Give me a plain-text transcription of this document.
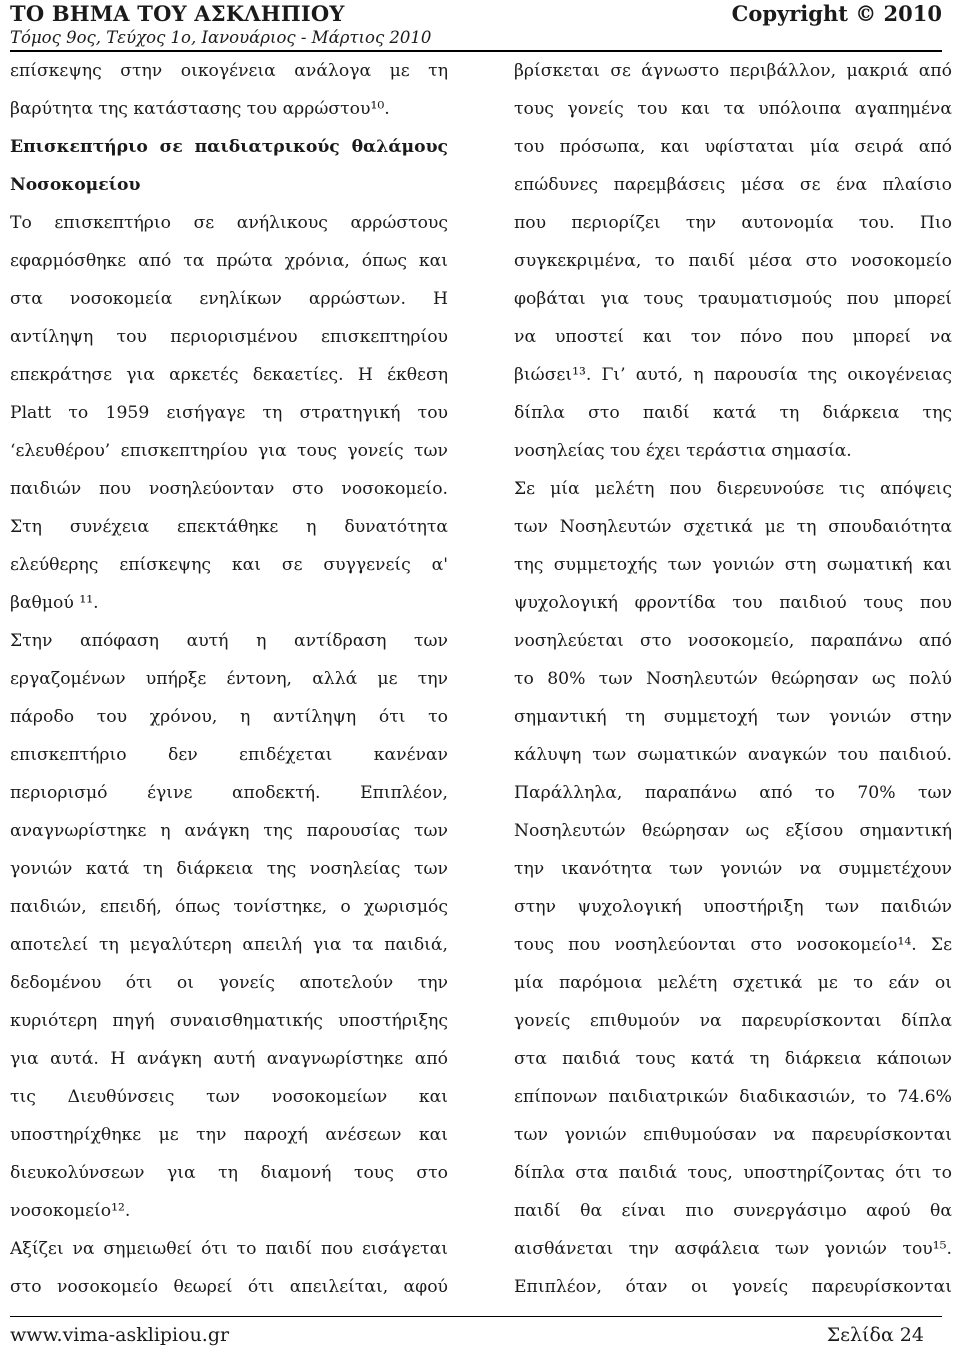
ΤΟ ΒΗΜΑ ΤΟΥ ΑΣΚΛΗΠΙΟΥ
Τόμος 9ος, Τεύχος 1ο, Ιανουάριος - Μάρτιος 2010
Copyright © 2010
επίσκεψης στην οικογένεια ανάλογα με τη
βαρύτητα της κατάστασης του αρρώστου¹⁰.
Επισκεπτήριο σε παιδιατρικούς θαλάμους
Νοσοκομείου
Το επισκεπτήριο σε ανήλικους αρρώστους
εφαρμόσθηκε από τα πρώτα χρόνια, όπως και
στα νοσοκομεία ενηλίκων αρρώστων. Η
αντίληψη του περιορισμένου επισκεπτηρίου
επεκράτησε για αρκετές δεκαετίες. Η έκθεση
Platt το 1959 εισήγαγε τη στρατηγική του
‘ελευθέρου’ επισκεπτηρίου για τους γονείς των
παιδιών που νοσηλεύονταν στο νοσοκομείο.
Στη συνέχεια επεκτάθηκε η δυνατότητα
ελεύθερης επίσκεψης και σε συγγενείς α'
βαθμού ¹¹.
Στην απόφαση αυτή η αντίδραση των
εργαζομένων υπήρξε έντονη, αλλά με την
πάροδο του χρόνου, η αντίληψη ότι το
επισκεπτήριο δεν επιδέχεται κανέναν
περιορισμό έγινε αποδεκτή. Επιπλέον,
αναγνωρίστηκε η ανάγκη της παρουσίας των
γονιών κατά τη διάρκεια της νοσηλείας των
παιδιών, επειδή, όπως τονίστηκε, ο χωρισμός
αποτελεί τη μεγαλύτερη απειλή για τα παιδιά,
δεδομένου ότι οι γονείς αποτελούν την
κυριότερη πηγή συναισθηματικής υποστήριξης
για αυτά. Η ανάγκη αυτή αναγνωρίστηκε από
τις Διευθύνσεις των νοσοκομείων και
υποστηρίχθηκε με την παροχή ανέσεων και
διευκολύνσεων για τη διαμονή τους στο
νοσοκομείο¹².
Αξίζει να σημειωθεί ότι το παιδί που εισάγεται
στο νοσοκομείο θεωρεί ότι απειλείται, αφού
βρίσκεται σε άγνωστο περιβάλλον, μακριά από
τους γονείς του και τα υπόλοιπα αγαπημένα
του πρόσωπα, και υφίσταται μία σειρά από
επώδυνες παρεμβάσεις μέσα σε ένα πλαίσιο
που περιορίζει την αυτονομία του. Πιο
συγκεκριμένα, το παιδί μέσα στο νοσοκομείο
φοβάται για τους τραυματισμούς που μπορεί
να υποστεί και τον πόνο που μπορεί να
βιώσει¹³. Γι’ αυτό, η παρουσία της οικογένειας
δίπλα στο παιδί κατά τη διάρκεια της
νοσηλείας του έχει τεράστια σημασία.
Σε μία μελέτη που διερευνούσε τις απόψεις
των Νοσηλευτών σχετικά με τη σπουδαιότητα
της συμμετοχής των γονιών στη σωματική και
ψυχολογική φροντίδα του παιδιού τους που
νοσηλεύεται στο νοσοκομείο, παραπάνω από
το 80% των Νοσηλευτών θεώρησαν ως πολύ
σημαντική τη συμμετοχή των γονιών στην
κάλυψη των σωματικών αναγκών του παιδιού.
Παράλληλα, παραπάνω από το 70% των
Νοσηλευτών θεώρησαν ως εξίσου σημαντική
την ικανότητα των γονιών να συμμετέχουν
στην ψυχολογική υποστήριξη των παιδιών
τους που νοσηλεύονται στο νοσοκομείο¹⁴. Σε
μία παρόμοια μελέτη σχετικά με το εάν οι
γονείς επιθυμούν να παρευρίσκονται δίπλα
στα παιδιά τους κατά τη διάρκεια κάποιων
επίπονων παιδιατρικών διαδικασιών, το 74.6%
των γονιών επιθυμούσαν να παρευρίσκονται
δίπλα στα παιδιά τους, υποστηρίζοντας ότι το
παιδί θα είναι πιο συνεργάσιμο αφού θα
αισθάνεται την ασφάλεια των γονιών του¹⁵.
Επιπλέον, όταν οι γονείς παρευρίσκονται
www.vima-asklipiou.gr	Σελίδα 24
